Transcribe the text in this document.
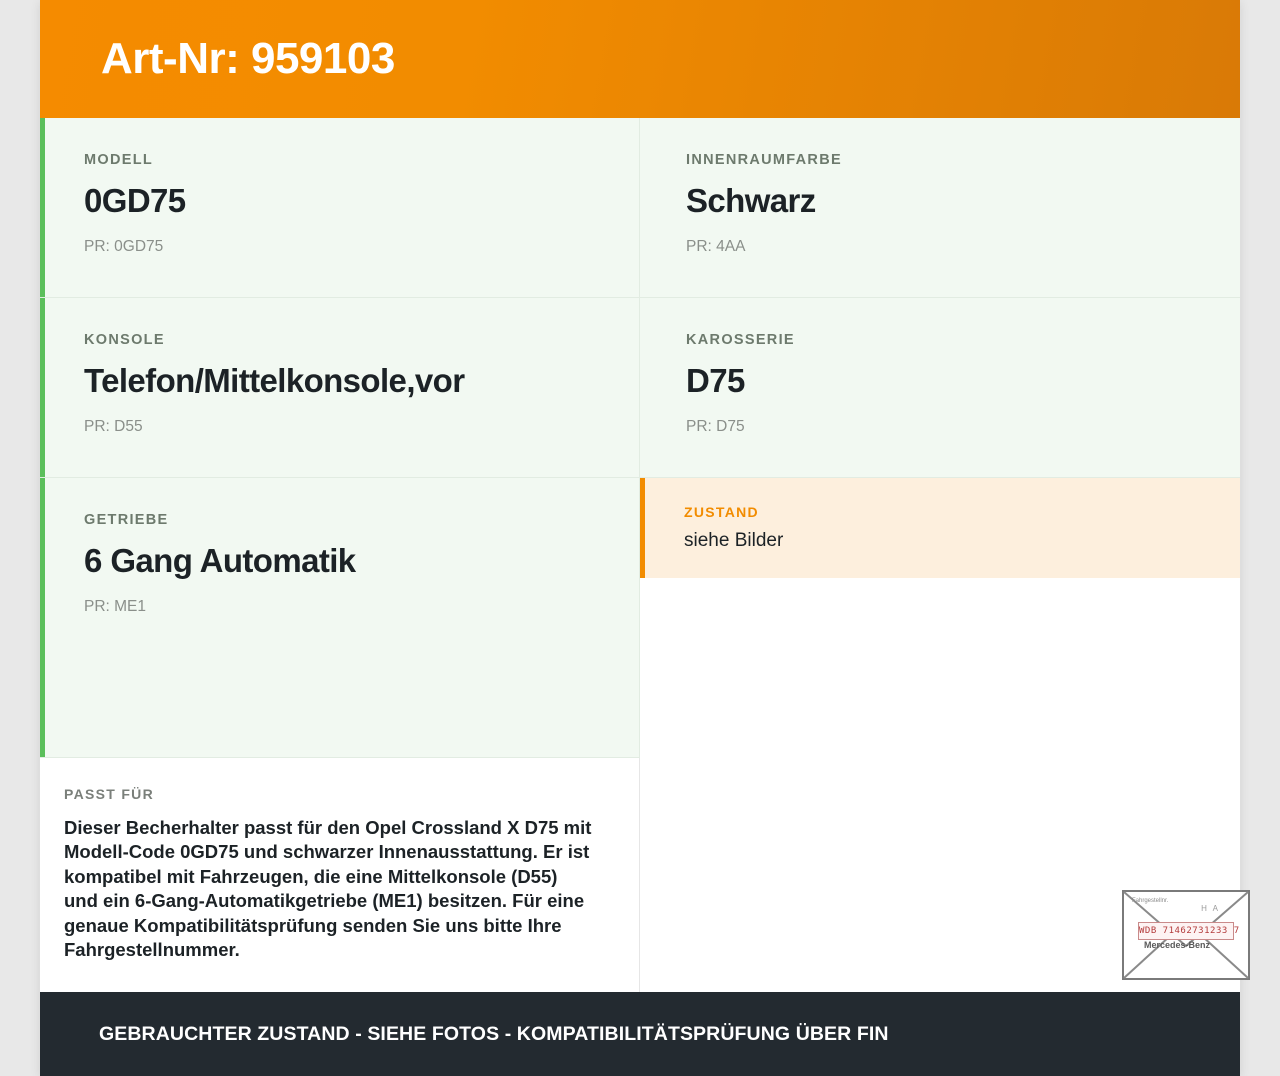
Art-Nr: 959103
MODELL
0GD75
PR: 0GD75
INNENRAUMFARBE
Schwarz
PR: 4AA
KONSOLE
Telefon/Mittelkonsole,vor
PR: D55
KAROSSERIE
D75
PR: D75
GETRIEBE
6 Gang Automatik
PR: ME1
ZUSTAND
siehe Bilder
PASST FÜR
Dieser Becherhalter passt für den Opel Crossland X D75 mit Modell-Code 0GD75 und schwarzer Innenausstattung. Er ist kompatibel mit Fahrzeugen, die eine Mittelkonsole (D55) und ein 6-Gang-Automatikgetriebe (ME1) besitzen. Für eine genaue Kompatibilitätsprüfung senden Sie uns bitte Ihre Fahrgestellnummer.
GEBRAUCHTER ZUSTAND - SIEHE FOTOS - KOMPATIBILITÄTSPRÜFUNG ÜBER FIN
Fahrgestellnr.
H A
WDB 71462731233 7
Mercedes-Benz
